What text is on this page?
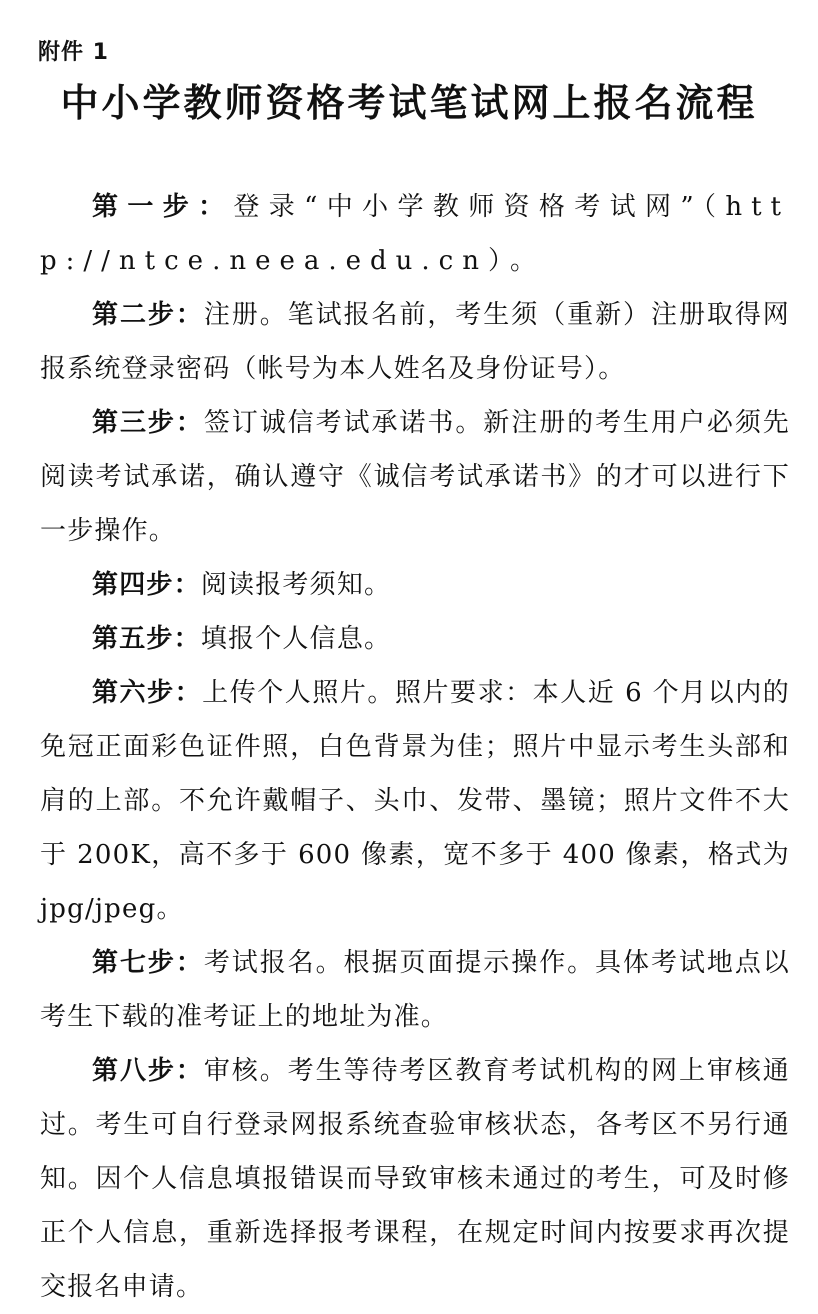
附件 1
中小学教师资格考试笔试网上报名流程

第一步：登录“中小学教师资格考试网”（http://ntce.neea.edu.cn）。

第二步：注册。笔试报名前，考生须（重新）注册取得网报系统登录密码（帐号为本人姓名及身份证号）。

第三步：签订诚信考试承诺书。新注册的考生用户必须先阅读考试承诺，确认遵守《诚信考试承诺书》的才可以进行下一步操作。

第四步：阅读报考须知。

第五步：填报个人信息。

第六步：上传个人照片。照片要求：本人近 6 个月以内的免冠正面彩色证件照，白色背景为佳；照片中显示考生头部和肩的上部。不允许戴帽子、头巾、发带、墨镜；照片文件不大于 200K，高不多于 600 像素，宽不多于 400 像素，格式为 jpg/jpeg。

第七步：考试报名。根据页面提示操作。具体考试地点以考生下载的准考证上的地址为准。

第八步：审核。考生等待考区教育考试机构的网上审核通过。考生可自行登录网报系统查验审核状态，各考区不另行通知。因个人信息填报错误而导致审核未通过的考生，可及时修正个人信息，重新选择报考课程，在规定时间内按要求再次提交报名申请。
